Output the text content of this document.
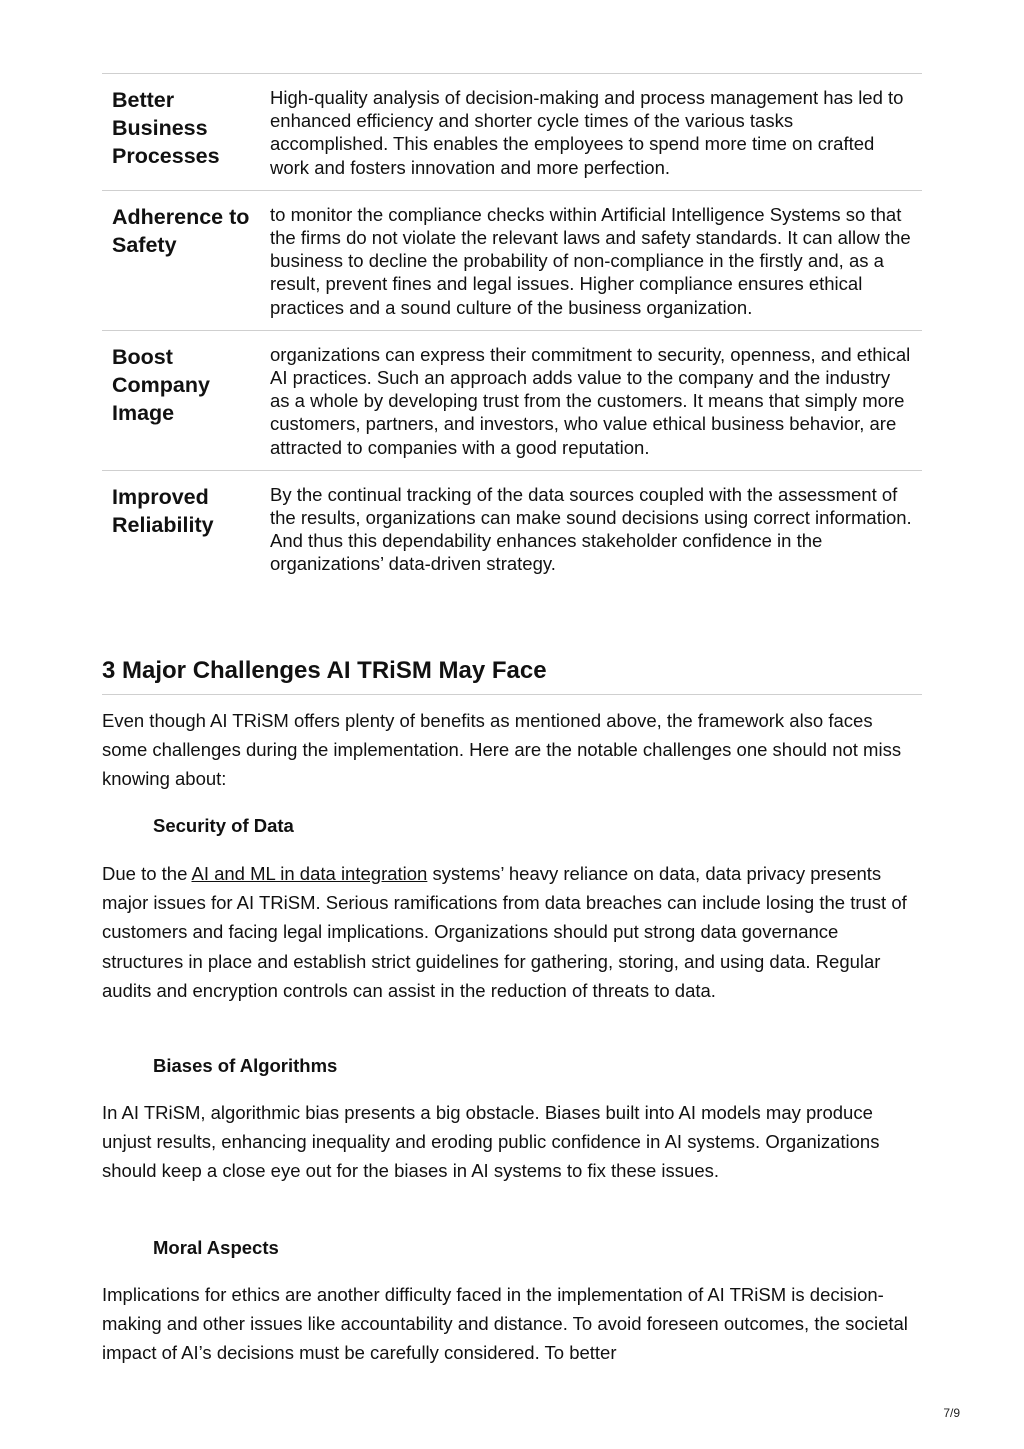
Better Business Processes
High-quality analysis of decision-making and process management has led to enhanced efficiency and shorter cycle times of the various tasks accomplished. This enables the employees to spend more time on crafted work and fosters innovation and more perfection.
Adherence to Safety
to monitor the compliance checks within Artificial Intelligence Systems so that the firms do not violate the relevant laws and safety standards. It can allow the business to decline the probability of non-compliance in the firstly and, as a result, prevent fines and legal issues. Higher compliance ensures ethical practices and a sound culture of the business organization.
Boost Company Image
organizations can express their commitment to security, openness, and ethical AI practices. Such an approach adds value to the company and the industry as a whole by developing trust from the customers. It means that simply more customers, partners, and investors, who value ethical business behavior, are attracted to companies with a good reputation.
Improved Reliability
By the continual tracking of the data sources coupled with the assessment of the results, organizations can make sound decisions using correct information. And thus this dependability enhances stakeholder confidence in the organizations’ data-driven strategy.
3 Major Challenges AI TRiSM May Face

Even though AI TRiSM offers plenty of benefits as mentioned above, the framework also faces some challenges during the implementation. Here are the notable challenges one should not miss knowing about:

Security of Data

Due to the AI and ML in data integration systems’ heavy reliance on data, data privacy presents major issues for AI TRiSM. Serious ramifications from data breaches can include losing the trust of customers and facing legal implications. Organizations should put strong data governance structures in place and establish strict guidelines for gathering, storing, and using data. Regular audits and encryption controls can assist in the reduction of threats to data.

Biases of Algorithms

In AI TRiSM, algorithmic bias presents a big obstacle. Biases built into AI models may produce unjust results, enhancing inequality and eroding public confidence in AI systems. Organizations should keep a close eye out for the biases in AI systems to fix these issues.

Moral Aspects

Implications for ethics are another difficulty faced in the implementation of AI TRiSM is decision-making and other issues like accountability and distance. To avoid foreseen outcomes, the societal impact of AI’s decisions must be carefully considered. To better

7/9
